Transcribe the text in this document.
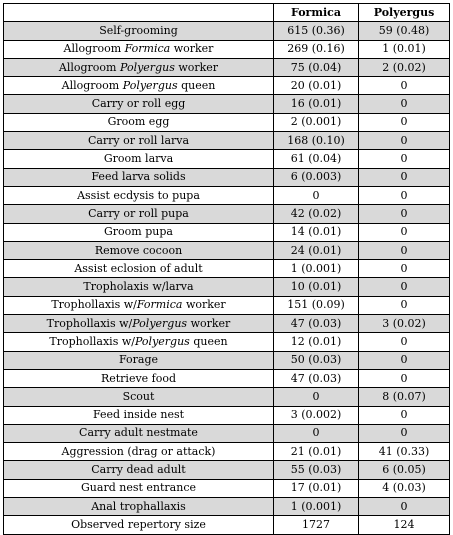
	Formica	Polyergus
Self-grooming	615 (0.36)	59 (0.48)
Allogroom Formica worker	269 (0.16)	1 (0.01)
Allogroom Polyergus worker	75 (0.04)	2 (0.02)
Allogroom Polyergus queen	20 (0.01)	0
Carry or roll egg	16 (0.01)	0
Groom egg	2 (0.001)	0
Carry or roll larva	168 (0.10)	0
Groom larva	61 (0.04)	0
Feed larva solids	6 (0.003)	0
Assist ecdysis to pupa	0	0
Carry or roll pupa	42 (0.02)	0
Groom pupa	14 (0.01)	0
Remove cocoon	24 (0.01)	0
Assist eclosion of adult	1 (0.001)	0
Tropholaxis w/larva	10 (0.01)	0
Trophollaxis w/Formica worker	151 (0.09)	0
Trophollaxis w/Polyergus worker	47 (0.03)	3 (0.02)
Trophollaxis w/Polyergus queen	12 (0.01)	0
Forage	50 (0.03)	0
Retrieve food	47 (0.03)	0
Scout	0	8 (0.07)
Feed inside nest	3 (0.002)	0
Carry adult nestmate	0	0
Aggression (drag or attack)	21 (0.01)	41 (0.33)
Carry dead adult	55 (0.03)	6 (0.05)
Guard nest entrance	17 (0.01)	4 (0.03)
Anal trophallaxis	1 (0.001)	0
Observed repertory size	1727	124
